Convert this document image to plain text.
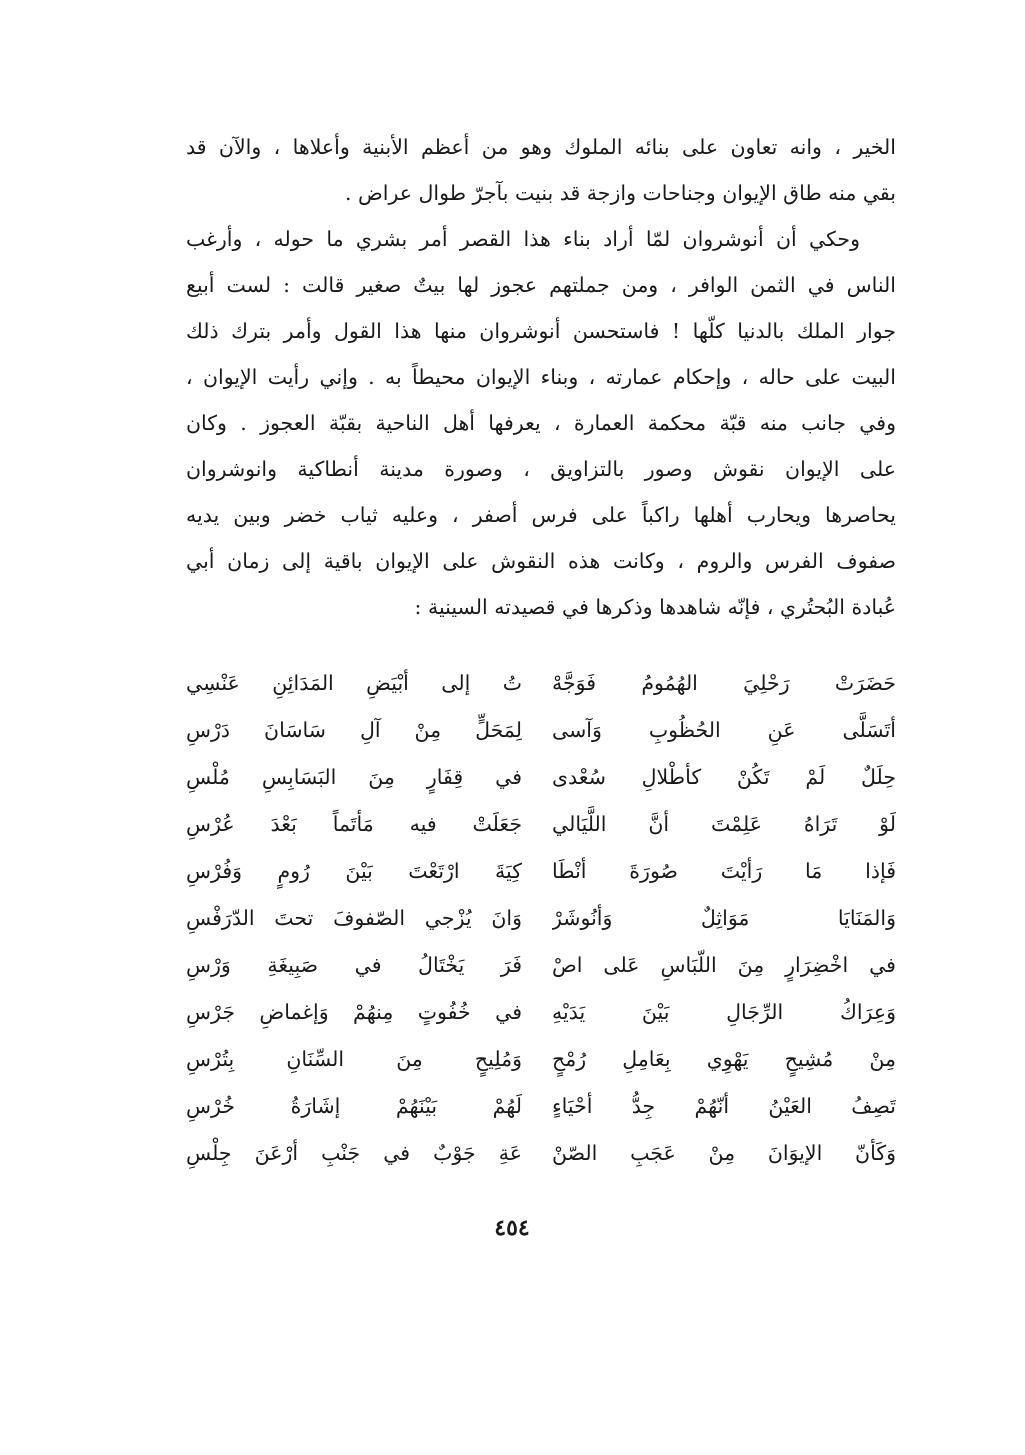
الخير ، وانه تعاون على بنائه الملوك وهو من أعظم الأبنية وأعلاها ، والآن قد
بقي منه طاق الإيوان وجناحات وازجة قد بنيت بآجرّ طوال عراض .
وحكي أن أنوشروان لمّا أراد بناء هذا القصر أمر بشري ما حوله ، وأرغب
الناس في الثمن الوافر ، ومن جملتهم عجوز لها بيتٌ صغير قالت : لست أبيع
جوار الملك بالدنيا كلّها ! فاستحسن أنوشروان منها هذا القول وأمر بترك ذلك
البيت على حاله ، وإحكام عمارته ، وبناء الإيوان محيطاً به . وإني رأيت الإيوان ،
وفي جانب منه قبّة محكمة العمارة ، يعرفها أهل الناحية بقبّة العجوز . وكان
على الإيوان نقوش وصور بالتزاويق ، وصورة مدينة أنطاكية وانوشروان
يحاصرها ويحارب أهلها راكباً على فرس أصفر ، وعليه ثياب خضر وبين يديه
صفوف الفرس والروم ، وكانت هذه النقوش على الإيوان باقية إلى زمان أبي
عُبادة البُحتُري ، فإنّه شاهدها وذكرها في قصيدته السينية :
حَضَرَتْ رَحْلِيَ الهُمُومُ فَوَجَّهْ
تُ إلى أبْيَضِ المَدَائِنِ عَنْسِي
أتَسَلَّى عَنِ الحُظُوبِ وَآسى
لِمَحَلٍّ مِنْ آلِ سَاسَانَ دَرْسِ
حِلَلٌ لَمْ تَكُنْ كأطْلالِ سُعْدى
في قِفَارٍ مِنَ البَسَابِسِ مُلْسِ
لَوْ تَرَاهُ عَلِمْتَ أنَّ اللَّيَالي
جَعَلَتْ فيه مَأتَماً بَعْدَ عُرْسِ
فَإذا مَا رَأيْتَ صُورَةَ أنْطَا
كِيَةَ ارْتَعْتَ بَيْنَ رُومٍ وَفُرْسِ
وَالمَنَايَا مَوَاثِلٌ وَأنُوشَرْ
وَانَ يُزْجي الصّفوفَ تحتَ الدّرَفْسِ
في اخْضِرَارٍ مِنَ اللّبَاسِ عَلى اصْ
فَرَ يَخْتَالُ في صَبِيغَةِ وَرْسِ
وَعِرَاكُ الرِّجَالِ بَيْنَ يَدَيْهِ
في خُفُوتٍ مِنهُمْ وَإغماضِ جَرْسِ
مِنْ مُشِيحٍ يَهْوِي بِعَامِلِ رُمْحٍ
وَمُلِيحٍ مِنَ السِّنَانِ بِتُرْسِ
تَصِفُ العَيْنُ أنّهُمْ جِدُّ أحْيَاءٍ
لَهُمْ بَيْنَهُمْ إشَارَةُ خُرْسِ
وَكَأنّ الإيوَانَ مِنْ عَجَبِ الصّنْ
عَةِ جَوْبٌ في جَنْبِ أرْعَنَ جِلْسِ
٤٥٤
